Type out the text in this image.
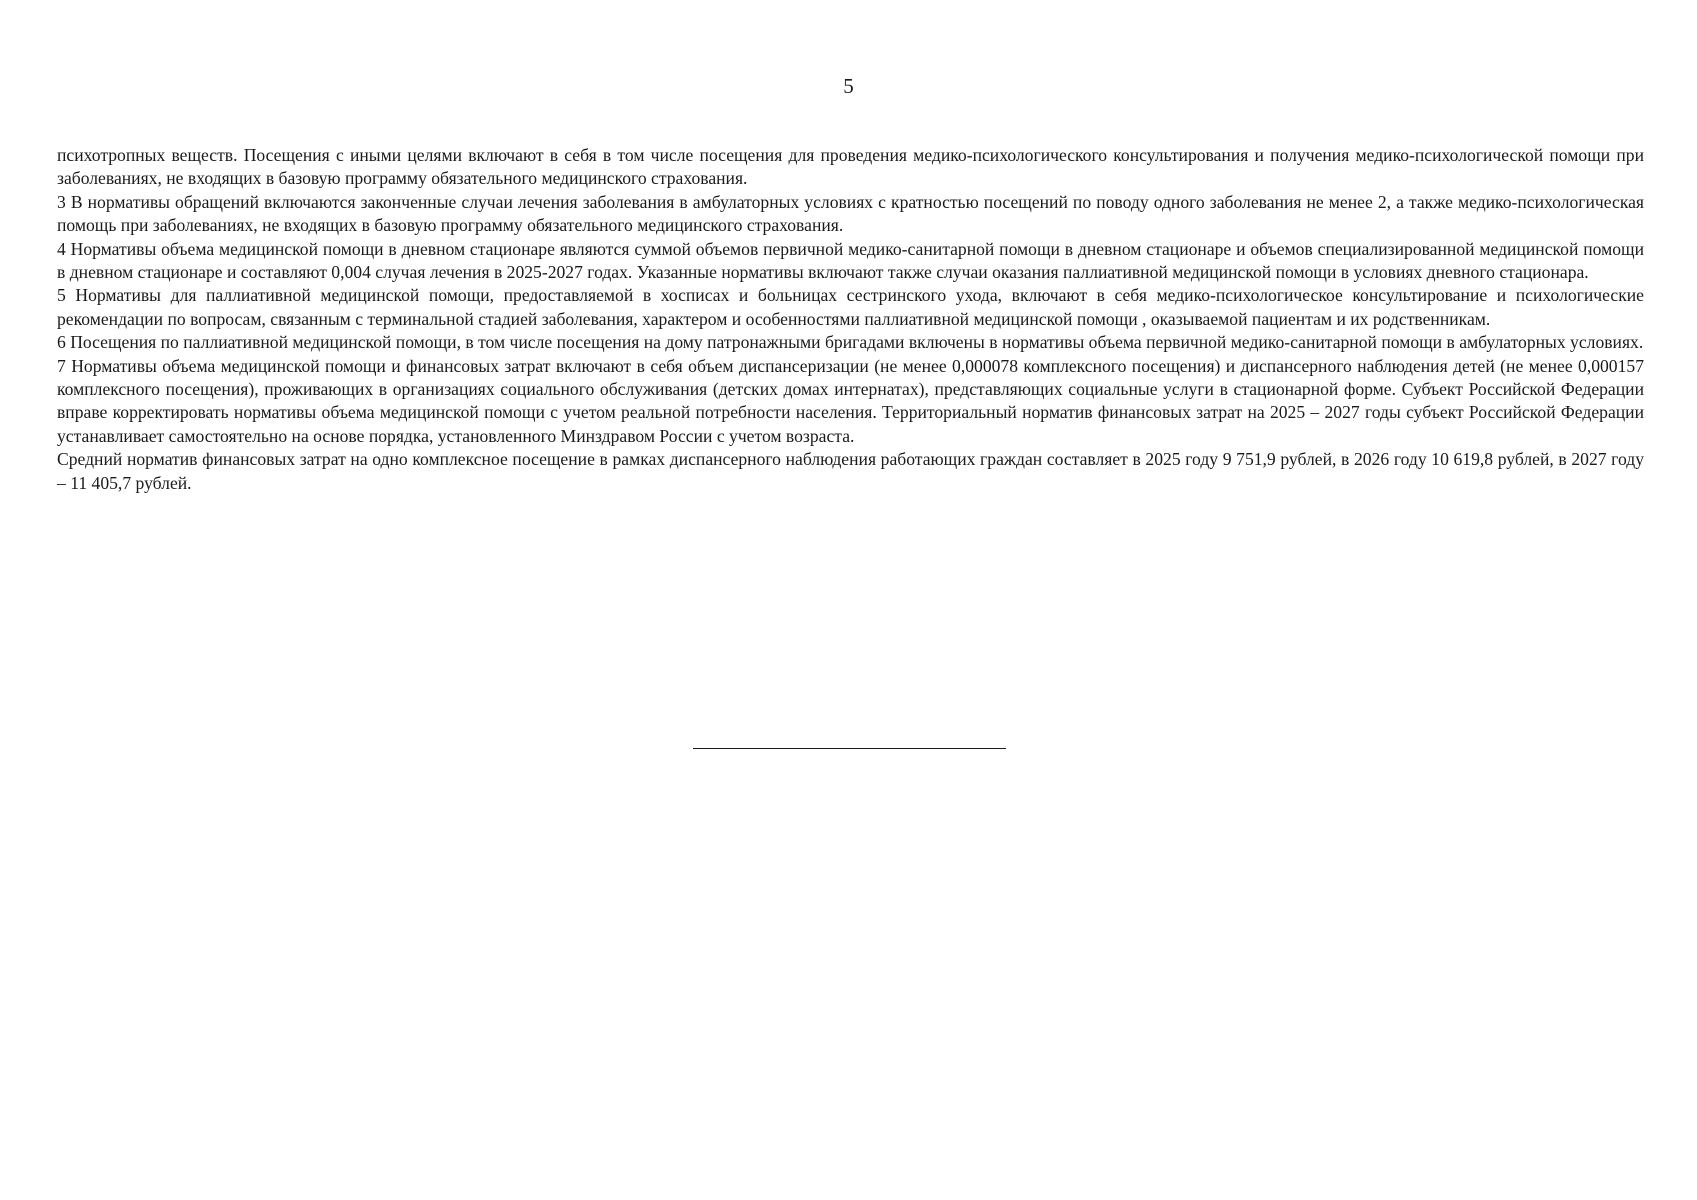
5

психотропных веществ. Посещения с иными целями включают в себя в том числе посещения для проведения медико-психологического консультирования и получения медико-психологической помощи при заболеваниях, не входящих в базовую программу обязательного медицинского страхования.

3 В нормативы обращений включаются законченные случаи лечения заболевания в амбулаторных условиях с кратностью посещений по поводу одного заболевания не менее 2, а также медико-психологическая помощь при заболеваниях, не входящих в базовую программу обязательного медицинского страхования.

4 Нормативы объема медицинской помощи в дневном стационаре являются суммой объемов первичной медико-санитарной помощи в дневном стационаре и объемов специализированной медицинской помощи в дневном стационаре и составляют 0,004 случая лечения в 2025-2027 годах. Указанные нормативы включают также случаи оказания паллиативной медицинской помощи в условиях дневного стационара.

5 Нормативы для паллиативной медицинской помощи, предоставляемой в хосписах и больницах сестринского ухода, включают в себя медико-психологическое консультирование и психологические рекомендации по вопросам, связанным с терминальной стадией заболевания, характером и особенностями паллиативной медицинской помощи , оказываемой пациентам и их родственникам.

6 Посещения по паллиативной медицинской помощи, в том числе посещения на дому патронажными бригадами включены в нормативы объема первичной медико-санитарной помощи в амбулаторных условиях.

7 Нормативы объема медицинской помощи и финансовых затрат включают в себя объем диспансеризации (не менее 0,000078 комплексного посещения) и диспансерного наблюдения детей (не менее 0,000157 комплексного посещения), проживающих в организациях социального обслуживания (детских домах интернатах), представляющих социальные услуги в стационарной форме. Субъект Российской Федерации вправе корректировать нормативы объема медицинской помощи с учетом реальной потребности населения. Территориальный норматив финансовых затрат на 2025 – 2027 годы субъект Российской Федерации устанавливает самостоятельно на основе порядка, установленного Минздравом России с учетом возраста.

Средний норматив финансовых затрат на одно комплексное посещение в рамках диспансерного наблюдения работающих граждан составляет в 2025 году 9 751,9 рублей, в 2026 году 10 619,8 рублей, в 2027 году – 11 405,7 рублей.
